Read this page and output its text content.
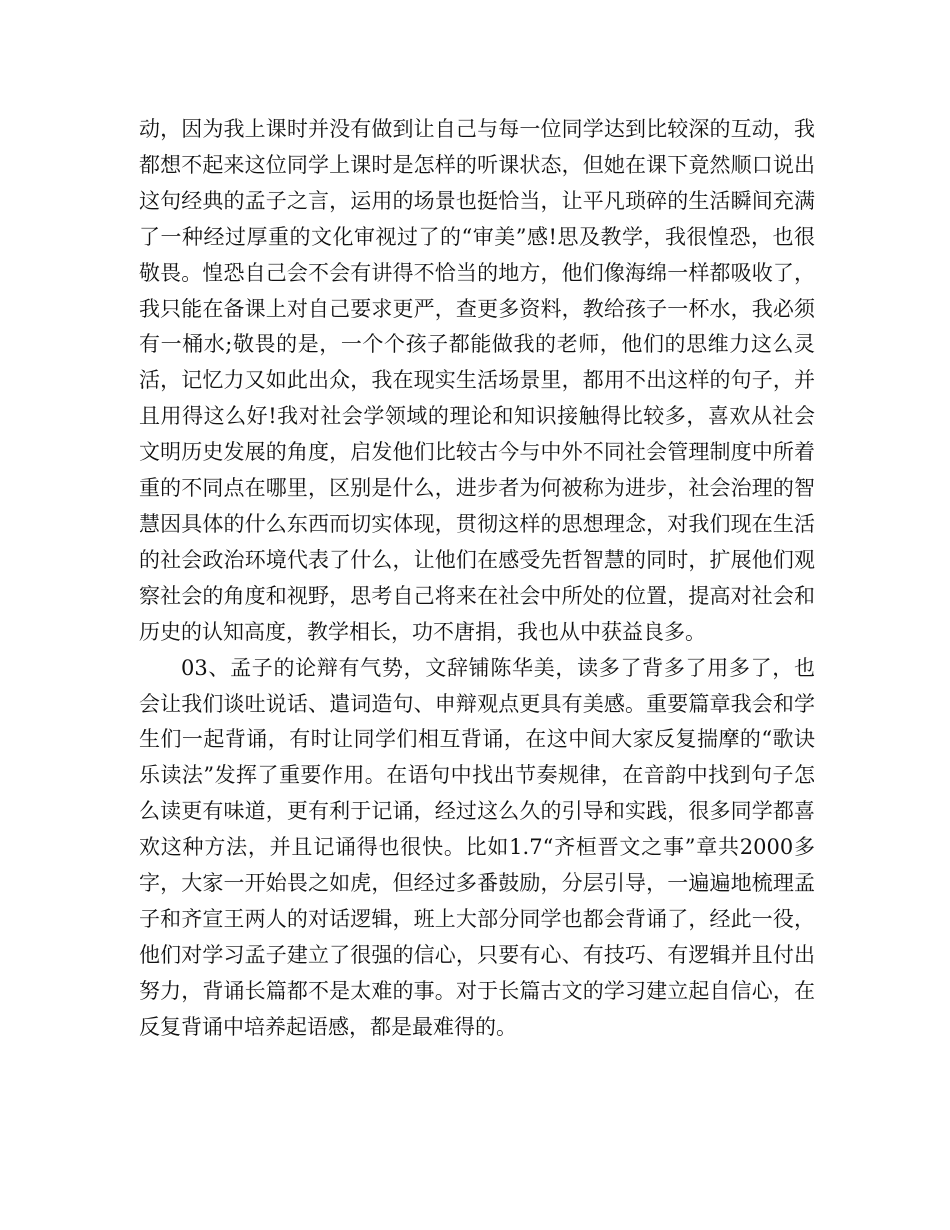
动，因为我上课时并没有做到让自己与每一位同学达到比较深的互动，我都想不起来这位同学上课时是怎样的听课状态，但她在课下竟然顺口说出这句经典的孟子之言，运用的场景也挺恰当，让平凡琐碎的生活瞬间充满了一种经过厚重的文化审视过了的“审美”感!思及教学，我很惶恐，也很敬畏。惶恐自己会不会有讲得不恰当的地方，他们像海绵一样都吸收了，我只能在备课上对自己要求更严，查更多资料，教给孩子一杯水，我必须有一桶水;敬畏的是，一个个孩子都能做我的老师，他们的思维力这么灵活，记忆力又如此出众，我在现实生活场景里，都用不出这样的句子，并且用得这么好!我对社会学领域的理论和知识接触得比较多，喜欢从社会文明历史发展的角度，启发他们比较古今与中外不同社会管理制度中所着重的不同点在哪里，区别是什么，进步者为何被称为进步，社会治理的智慧因具体的什么东西而切实体现，贯彻这样的思想理念，对我们现在生活的社会政治环境代表了什么，让他们在感受先哲智慧的同时，扩展他们观察社会的角度和视野，思考自己将来在社会中所处的位置，提高对社会和历史的认知高度，教学相长，功不唐捐，我也从中获益良多。

03、孟子的论辩有气势，文辞铺陈华美，读多了背多了用多了，也会让我们谈吐说话、遣词造句、申辩观点更具有美感。重要篇章我会和学生们一起背诵，有时让同学们相互背诵，在这中间大家反复揣摩的“歌诀乐读法”发挥了重要作用。在语句中找出节奏规律，在音韵中找到句子怎么读更有味道，更有利于记诵，经过这么久的引导和实践，很多同学都喜欢这种方法，并且记诵得也很快。比如1.7“齐桓晋文之事”章共2000多字，大家一开始畏之如虎，但经过多番鼓励，分层引导，一遍遍地梳理孟子和齐宣王两人的对话逻辑，班上大部分同学也都会背诵了，经此一役，他们对学习孟子建立了很强的信心，只要有心、有技巧、有逻辑并且付出努力，背诵长篇都不是太难的事。对于长篇古文的学习建立起自信心，在反复背诵中培养起语感，都是最难得的。
